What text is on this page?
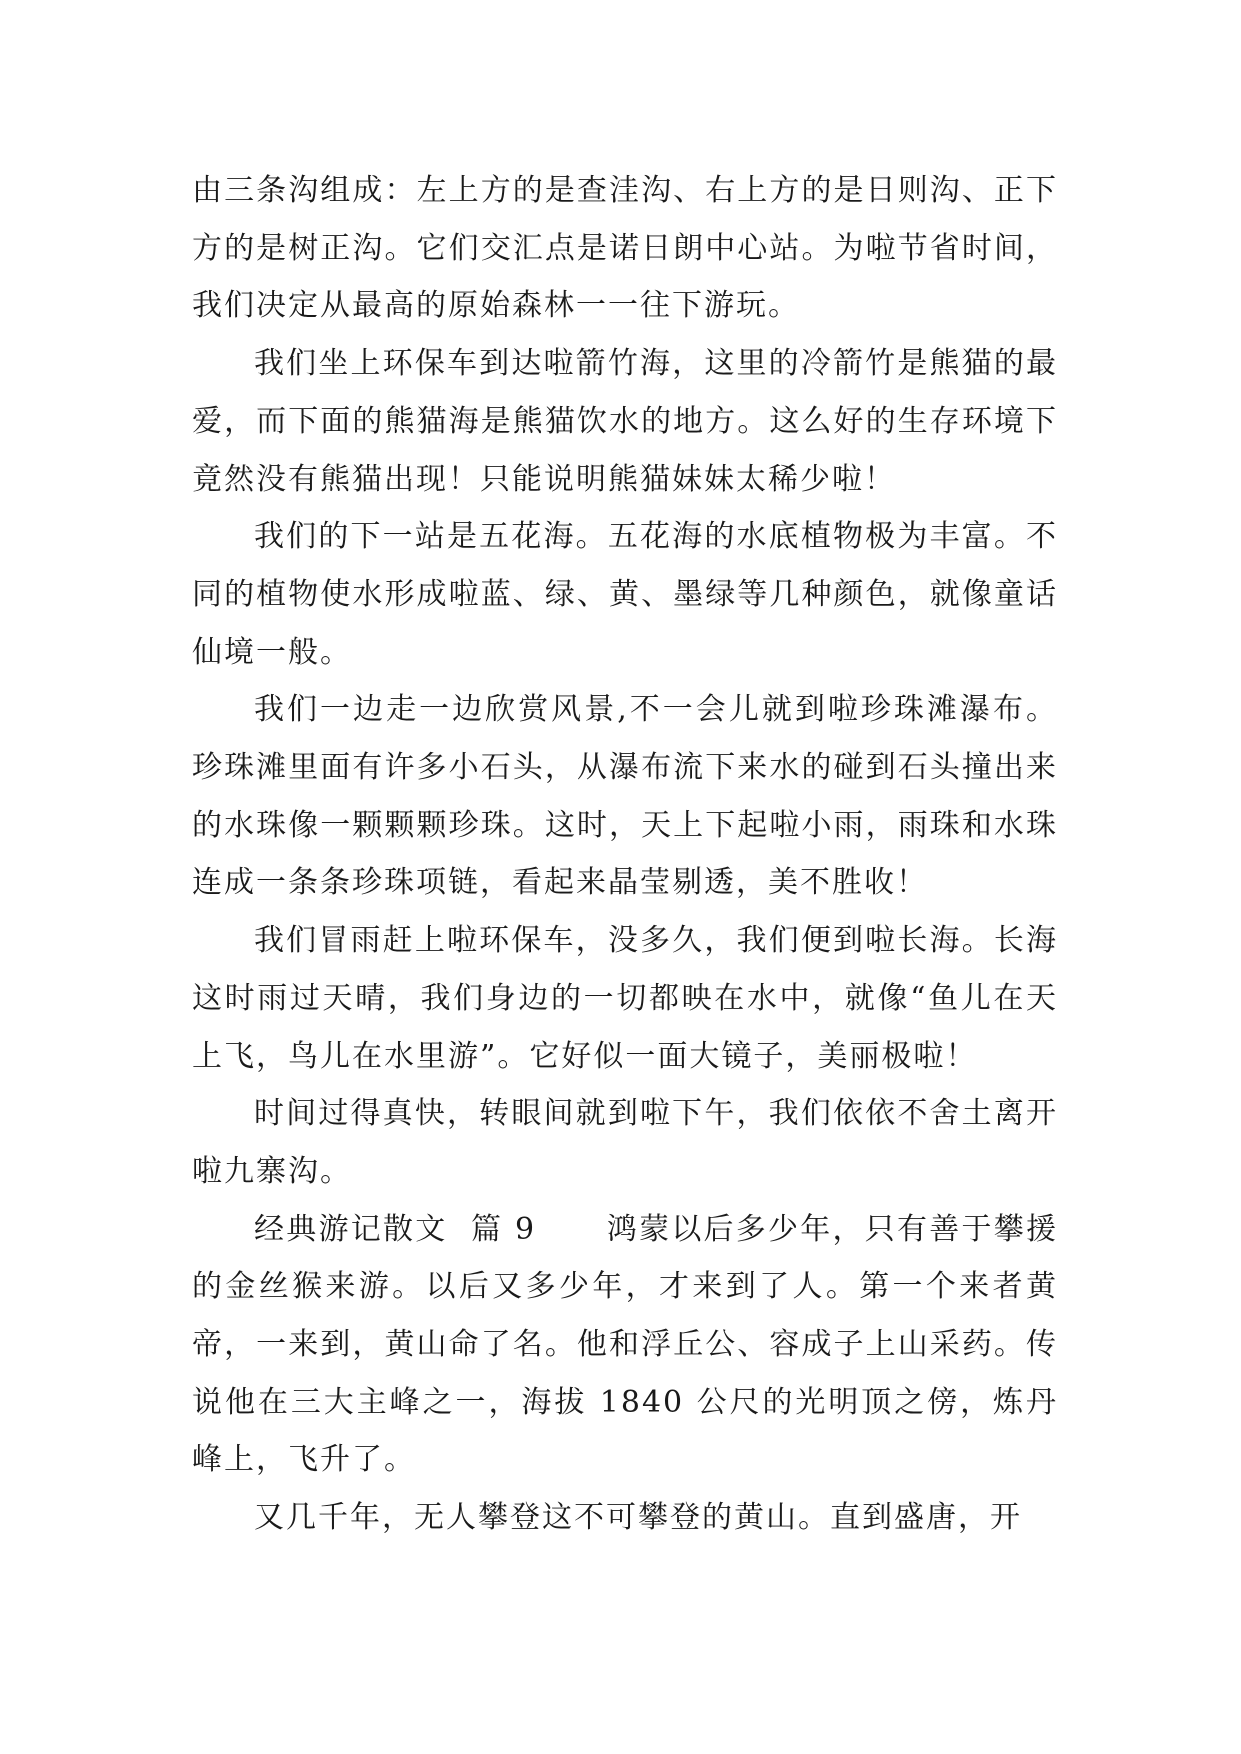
由三条沟组成：左上方的是查洼沟、右上方的是日则沟、正下方的是树正沟。它们交汇点是诺日朗中心站。为啦节省时间，我们决定从最高的原始森林一一往下游玩。

我们坐上环保车到达啦箭竹海，这里的冷箭竹是熊猫的最爱，而下面的熊猫海是熊猫饮水的地方。这么好的生存环境下竟然没有熊猫出现！只能说明熊猫妹妹太稀少啦！

我们的下一站是五花海。五花海的水底植物极为丰富。不同的植物使水形成啦蓝、绿、黄、墨绿等几种颜色，就像童话仙境一般。

我们一边走一边欣赏风景,不一会儿就到啦珍珠滩瀑布。珍珠滩里面有许多小石头，从瀑布流下来水的碰到石头撞出来的水珠像一颗颗颗珍珠。这时，天上下起啦小雨，雨珠和水珠连成一条条珍珠项链，看起来晶莹剔透，美不胜收！

我们冒雨赶上啦环保车，没多久，我们便到啦长海。长海这时雨过天晴，我们身边的一切都映在水中，就像“鱼儿在天上飞，鸟儿在水里游”。它好似一面大镜子，美丽极啦！

时间过得真快，转眼间就到啦下午，我们依依不舍土离开啦九寨沟。

经典游记散文  篇 9 鸿蒙以后多少年，只有善于攀援的金丝猴来游。以后又多少年，才来到了人。第一个来者黄帝，一来到，黄山命了名。他和浮丘公、容成子上山采药。传说他在三大主峰之一，海拔 1840 公尺的光明顶之傍，炼丹峰上，飞升了。

又几千年，无人攀登这不可攀登的黄山。直到盛唐，开
